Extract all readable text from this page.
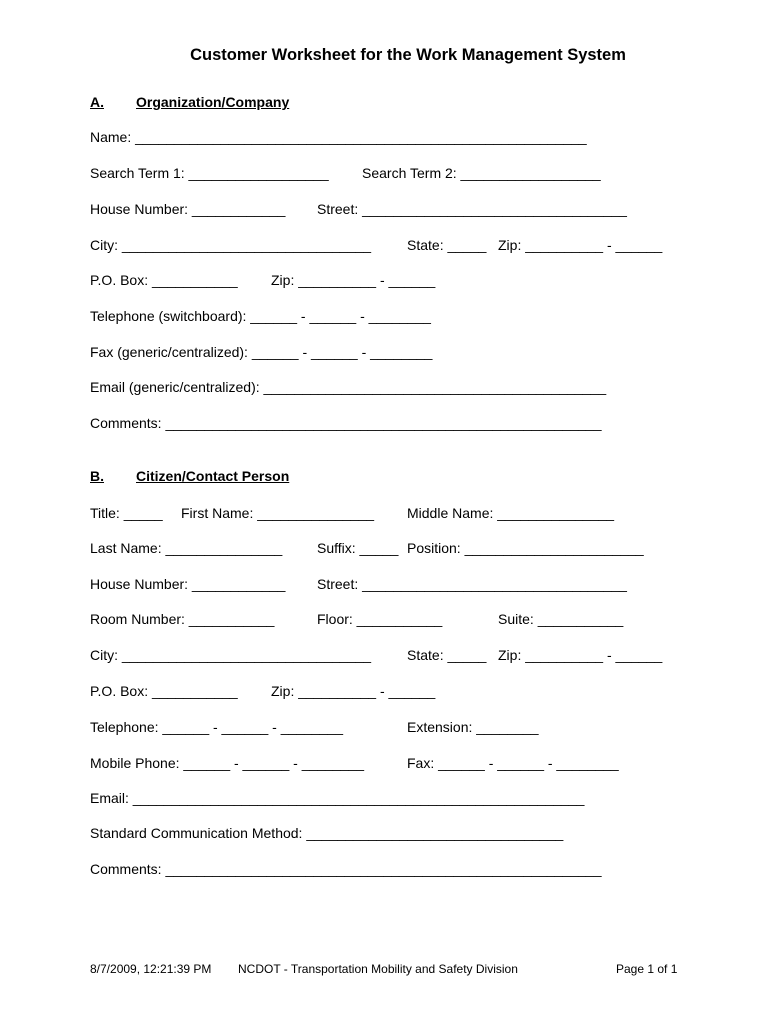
Customer Worksheet for the Work Management System
A. Organization/Company
Name: __________________________________________________________
Search Term 1: __________________ Search Term 2: __________________
House Number: ____________ Street: __________________________________
City: ________________________________	State: _____ Zip: __________ - ______
P.O. Box: ___________ Zip: __________ - ______
Telephone (switchboard): ______ - ______ - ________
Fax (generic/centralized): ______ - ______ - ________
Email (generic/centralized): ____________________________________________
Comments: ________________________________________________________
B. Citizen/Contact Person
Title: _____ First Name: _______________ Middle Name: _______________
Last Name: _______________ Suffix: _____ Position: _______________________
House Number: ____________ Street: __________________________________
Room Number: ___________	Floor: ___________	Suite: ___________
City: ________________________________	State: _____ Zip: __________ - ______
P.O. Box: ___________ Zip: __________ - ______
Telephone: ______ - ______ - ________	Extension: ________
Mobile Phone: ______ - ______ - ________	Fax: ______ - ______ - ________
Email: __________________________________________________________
Standard Communication Method: _________________________________
Comments: ________________________________________________________
8/7/2009, 12:21:39 PM NCDOT - Transportation Mobility and Safety Division	Page 1 of 1
